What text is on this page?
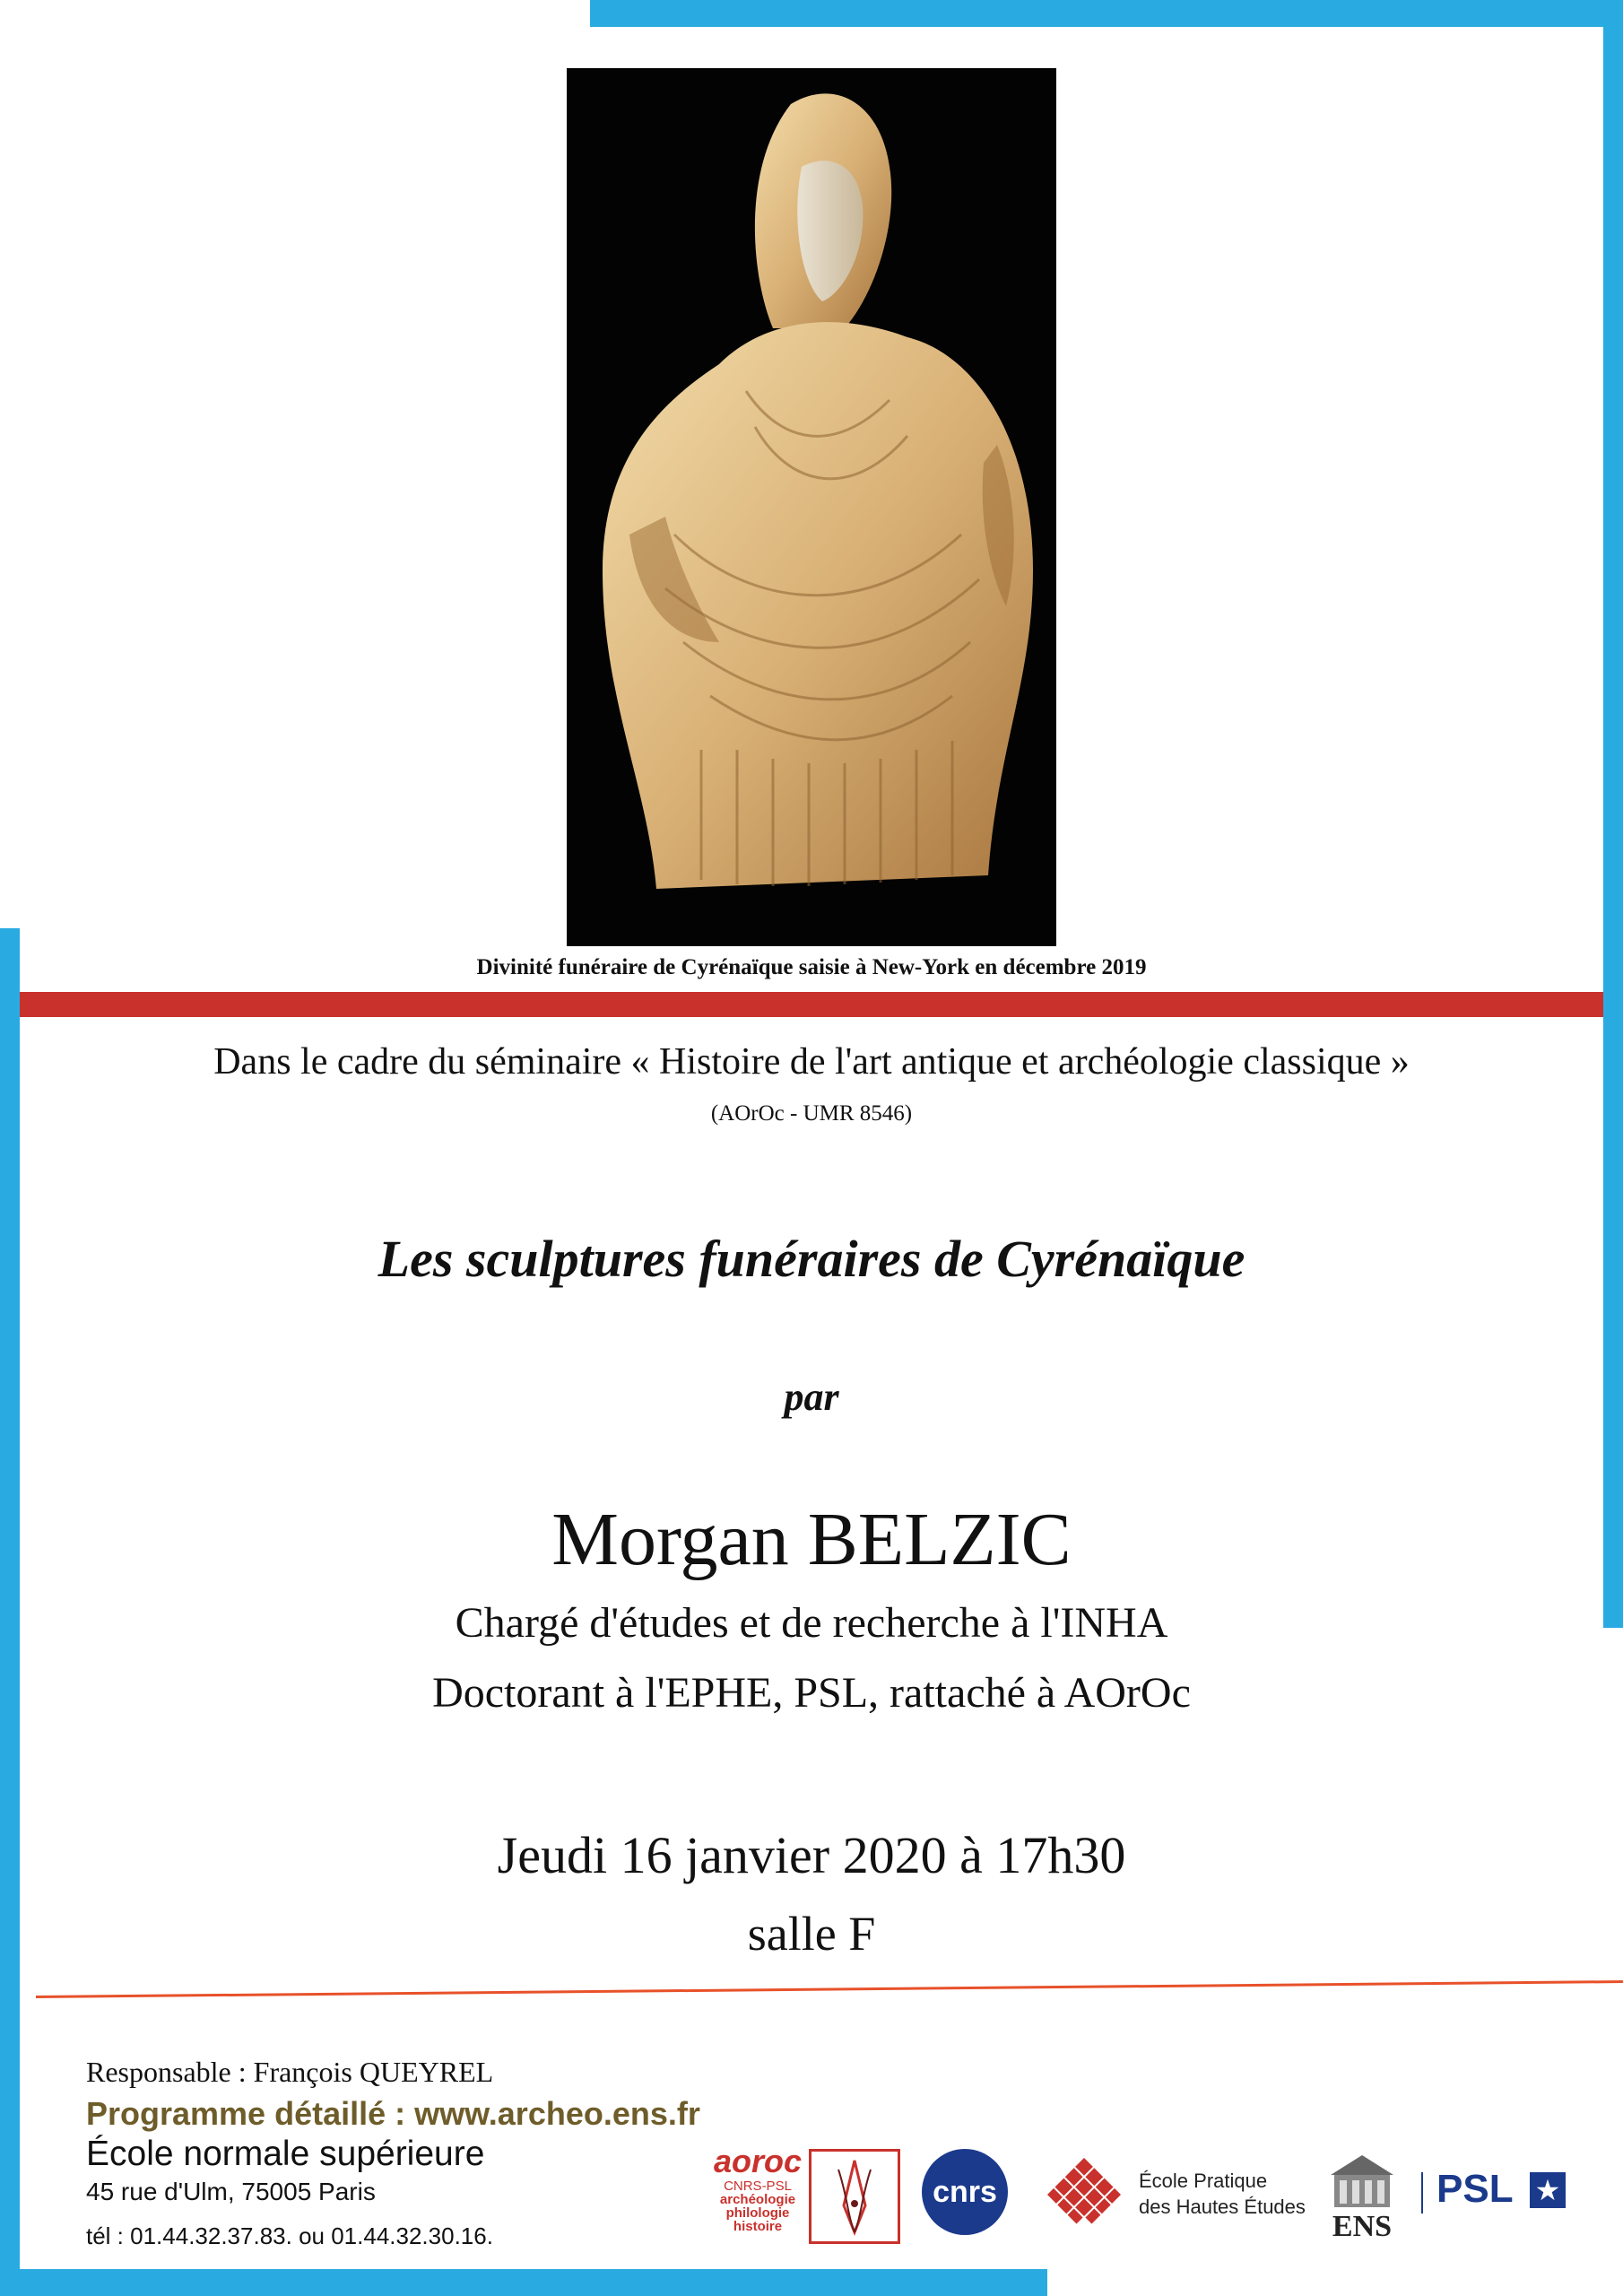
Divinité funéraire de Cyrénaïque saisie à New-York en décembre 2019
Dans le cadre du séminaire « Histoire de l'art antique et archéologie classique »
(AOrOc - UMR 8546)
Les sculptures funéraires de Cyrénaïque
par
Morgan BELZIC
Chargé d'études et de recherche à l'INHA
Doctorant à l'EPHE, PSL, rattaché à AOrOc
Jeudi 16 janvier 2020 à 17h30
salle F
Responsable : François QUEYREL
Programme détaillé : www.archeo.ens.fr
École normale supérieure
45 rue d'Ulm, 75005 Paris
tél : 01.44.32.37.83. ou 01.44.32.30.16.
aoroc
CNRS-PSL
archéologie
philologie
histoire
cnrs	École Pratique
des Hautes Études
ENS
PSL ★
